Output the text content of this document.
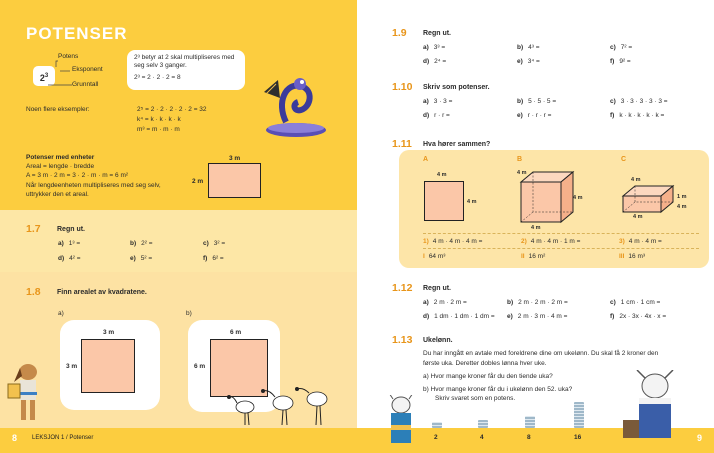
POTENSER
Potens
$2^3$
Eksponent
Grunntall
2³ betyr at 2 skal multipliseres med seg selv 3 ganger.
2³ = 2 · 2 · 2 = 8
Noen flere eksempler:	2⁵ = 2 · 2 · 2 · 2 · 2 = 32
k⁴ = k · k · k · k
m³ = m · m · m
Potenser med enheter
Areal = lengde · bredde
A = 3 m · 2 m = 3 · 2 · m · m = 6 m²
Når lengdeenheten multipliseres med seg selv,
uttrykker den et areal.
3 m
2 m
1.7 Regn ut.
a) 1³ =	b) 2² =	c) 3² =
d) 4² =	e) 5² =	f) 6² =
1.8 Finn arealet av kvadratene.
a)	b)
3 m
3 m
6 m
6 m
8 LEKSJON 1 / Potenser
1.9 Regn ut.
a) 3³ =	b) 4³ =	c) 7² =
d) 2⁴ =	e) 3⁴ =	f) 9² =
1.10 Skriv som potenser.
a) 3 · 3 =	b) 5 · 5 · 5 =	c) 3 · 3 · 3 · 3 · 3 =
d) r · r =	e) r · r · r =	f) k · k · k · k · k =
1.11 Hva hører sammen?
A	B	C
4 m
4 m
4 m
4 m
4 m
4 m
1 m
4 m
4 m
1) 4 m · 4 m · 4 m =	2) 4 m · 4 m · 1 m =	3) 4 m · 4 m =
I 64 m³	II 16 m²	III 16 m³
1.12 Regn ut.
a) 2 m · 2 m =	b) 2 m · 2 m · 2 m =	c) 1 cm · 1 cm =
d) 1 dm · 1 dm · 1 dm = e) 2 m · 3 m · 4 m =	f) 2x · 3x · 4x · x =
1.13 Ukelønn.
Du har inngått en avtale med foreldrene dine om ukelønn. Du skal få 2 kroner den
første uka. Deretter dobles lønna hver uke.
a) Hvor mange kroner får du den tiende uka?
b) Hvor mange kroner får du i ukelønn den 52. uka?
Skriv svaret som en potens.
2	4	8	16	9
